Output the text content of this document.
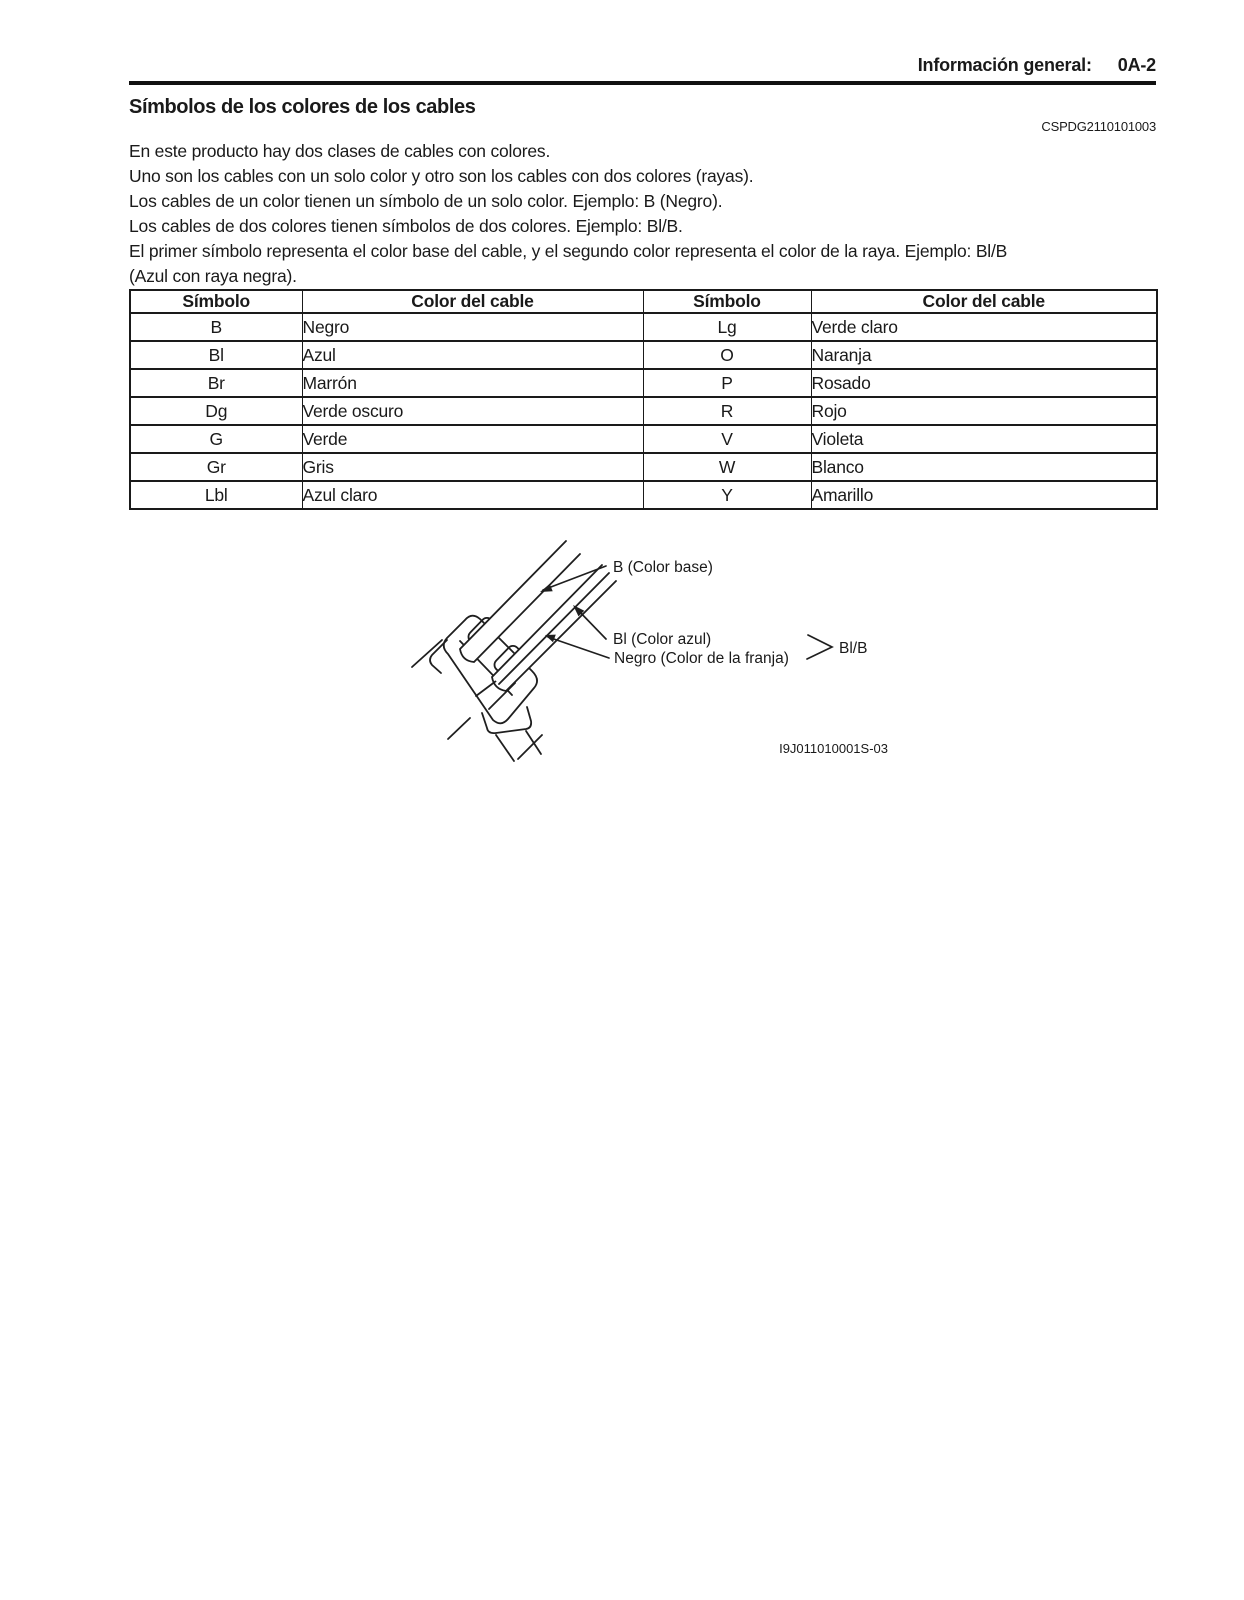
Información general: 0A-2
Símbolos de los colores de los cables
CSPDG2110101003
En este producto hay dos clases de cables con colores.
Uno son los cables con un solo color y otro son los cables con dos colores (rayas).
Los cables de un color tienen un símbolo de un solo color. Ejemplo: B (Negro).
Los cables de dos colores tienen símbolos de dos colores. Ejemplo: Bl/B.
El primer símbolo representa el color base del cable, y el segundo color representa el color de la raya. Ejemplo: Bl/B
(Azul con raya negra).
Símbolo	Color del cable	Símbolo	Color del cable
B	Negro	Lg	Verde claro
Bl	Azul	O	Naranja
Br	Marrón	P	Rosado
Dg	Verde oscuro	R	Rojo
G	Verde	V	Violeta
Gr	Gris	W	Blanco
Lbl	Azul claro	Y	Amarillo
B (Color base)
Bl (Color azul)
Negro (Color de la franja)
Bl/B
I9J011010001S-03
